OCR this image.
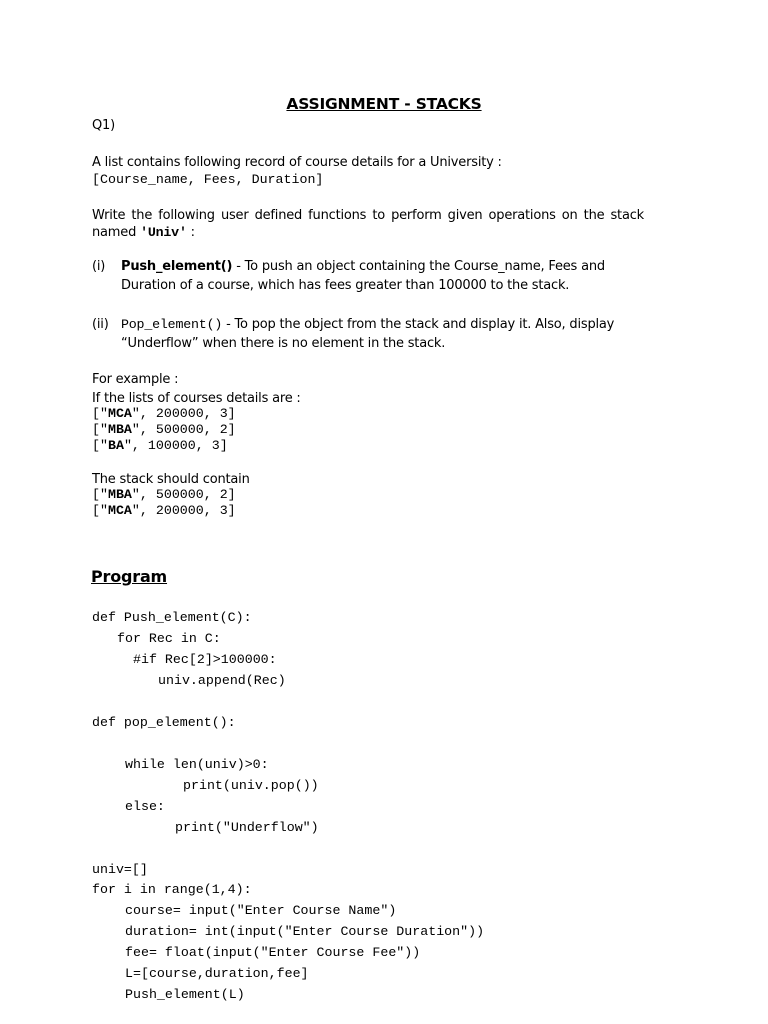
ASSIGNMENT - STACKS
Q1)
A list contains following record of course details for a University :
[Course_name, Fees, Duration]
Write the following user defined functions to perform given operations on the stack
named 'Univ' :
(i) Push_element() - To push an object containing the Course_name, Fees and
Duration of a course, which has fees greater than 100000 to the stack.
(ii) Pop_element() - To pop the object from the stack and display it. Also, display
“Underflow” when there is no element in the stack.
For example :
If the lists of courses details are :
["MCA", 200000, 3]
["MBA", 500000, 2]
["BA", 100000, 3]
The stack should contain
["MBA", 500000, 2]
["MCA", 200000, 3]
Program
def Push_element(C):
for Rec in C:
#if Rec[2]>100000:
univ.append(Rec)
def pop_element():
while len(univ)>0:
print(univ.pop())
else:
print("Underflow")
univ=[]
for i in range(1,4):
course= input("Enter Course Name")
duration= int(input("Enter Course Duration"))
fee= float(input("Enter Course Fee"))
L=[course,duration,fee]
Push_element(L)
